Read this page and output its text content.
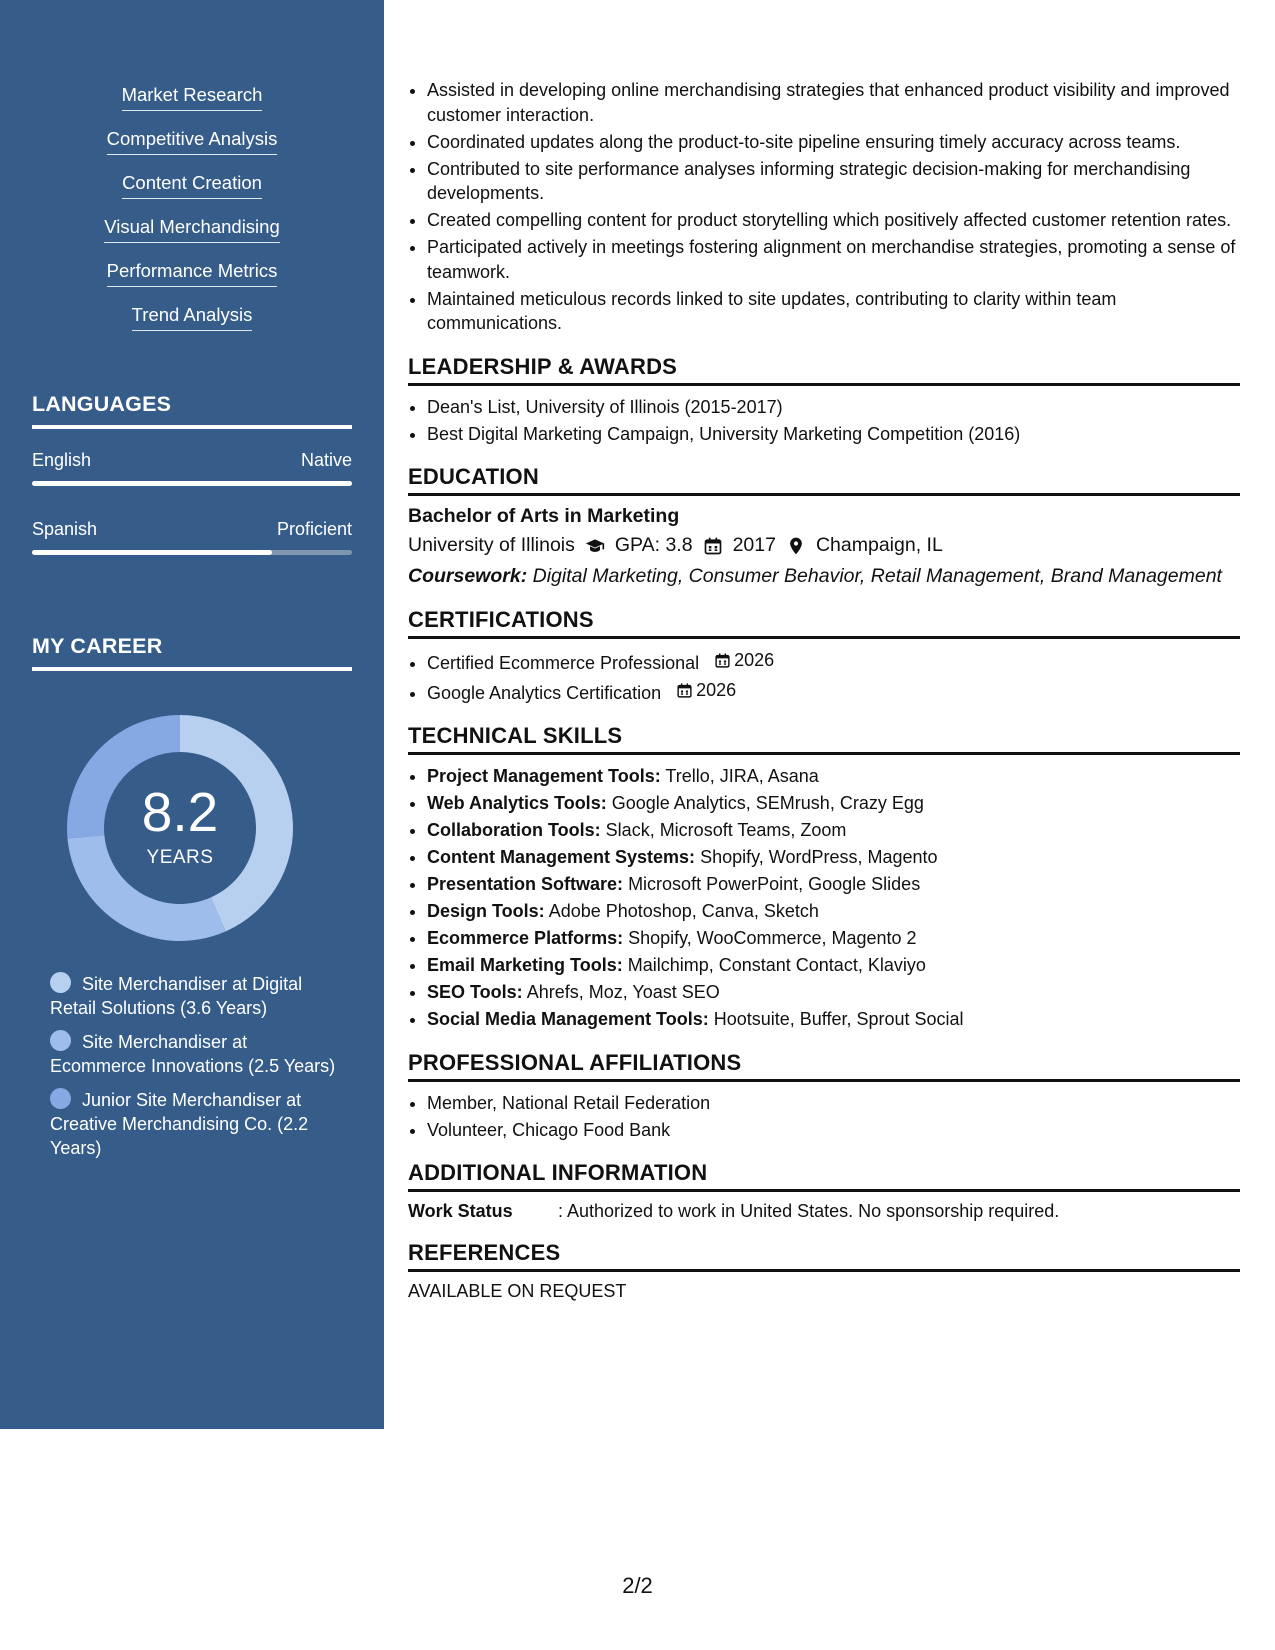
Market Research
Competitive Analysis
Content Creation
Visual Merchandising
Performance Metrics
Trend Analysis
LANGUAGES
English	Native
Spanish	Proficient
MY CAREER
8.2
YEARS
Site Merchandiser at Digital Retail Solutions (3.6 Years)
Site Merchandiser at Ecommerce Innovations (2.5 Years)
Junior Site Merchandiser at Creative Merchandising Co. (2.2 Years)
• Assisted in developing online merchandising strategies that enhanced product visibility and improved customer interaction.
• Coordinated updates along the product-to-site pipeline ensuring timely accuracy across teams.
• Contributed to site performance analyses informing strategic decision-making for merchandising developments.
• Created compelling content for product storytelling which positively affected customer retention rates.
• Participated actively in meetings fostering alignment on merchandise strategies, promoting a sense of teamwork.
• Maintained meticulous records linked to site updates, contributing to clarity within team communications.
LEADERSHIP & AWARDS
• Dean's List, University of Illinois (2015-2017)
• Best Digital Marketing Campaign, University Marketing Competition (2016)
EDUCATION
Bachelor of Arts in Marketing
University of Illinois GPA: 3.8 2017 Champaign, IL
Coursework: Digital Marketing, Consumer Behavior, Retail Management, Brand Management
CERTIFICATIONS
• Certified Ecommerce Professional 2026
• Google Analytics Certification 2026
TECHNICAL SKILLS
• Project Management Tools: Trello, JIRA, Asana
• Web Analytics Tools: Google Analytics, SEMrush, Crazy Egg
• Collaboration Tools: Slack, Microsoft Teams, Zoom
• Content Management Systems: Shopify, WordPress, Magento
• Presentation Software: Microsoft PowerPoint, Google Slides
• Design Tools: Adobe Photoshop, Canva, Sketch
• Ecommerce Platforms: Shopify, WooCommerce, Magento 2
• Email Marketing Tools: Mailchimp, Constant Contact, Klaviyo
• SEO Tools: Ahrefs, Moz, Yoast SEO
• Social Media Management Tools: Hootsuite, Buffer, Sprout Social
PROFESSIONAL AFFILIATIONS
• Member, National Retail Federation
• Volunteer, Chicago Food Bank
ADDITIONAL INFORMATION
Work Status	: Authorized to work in United States. No sponsorship required.
REFERENCES
AVAILABLE ON REQUEST
2/2
